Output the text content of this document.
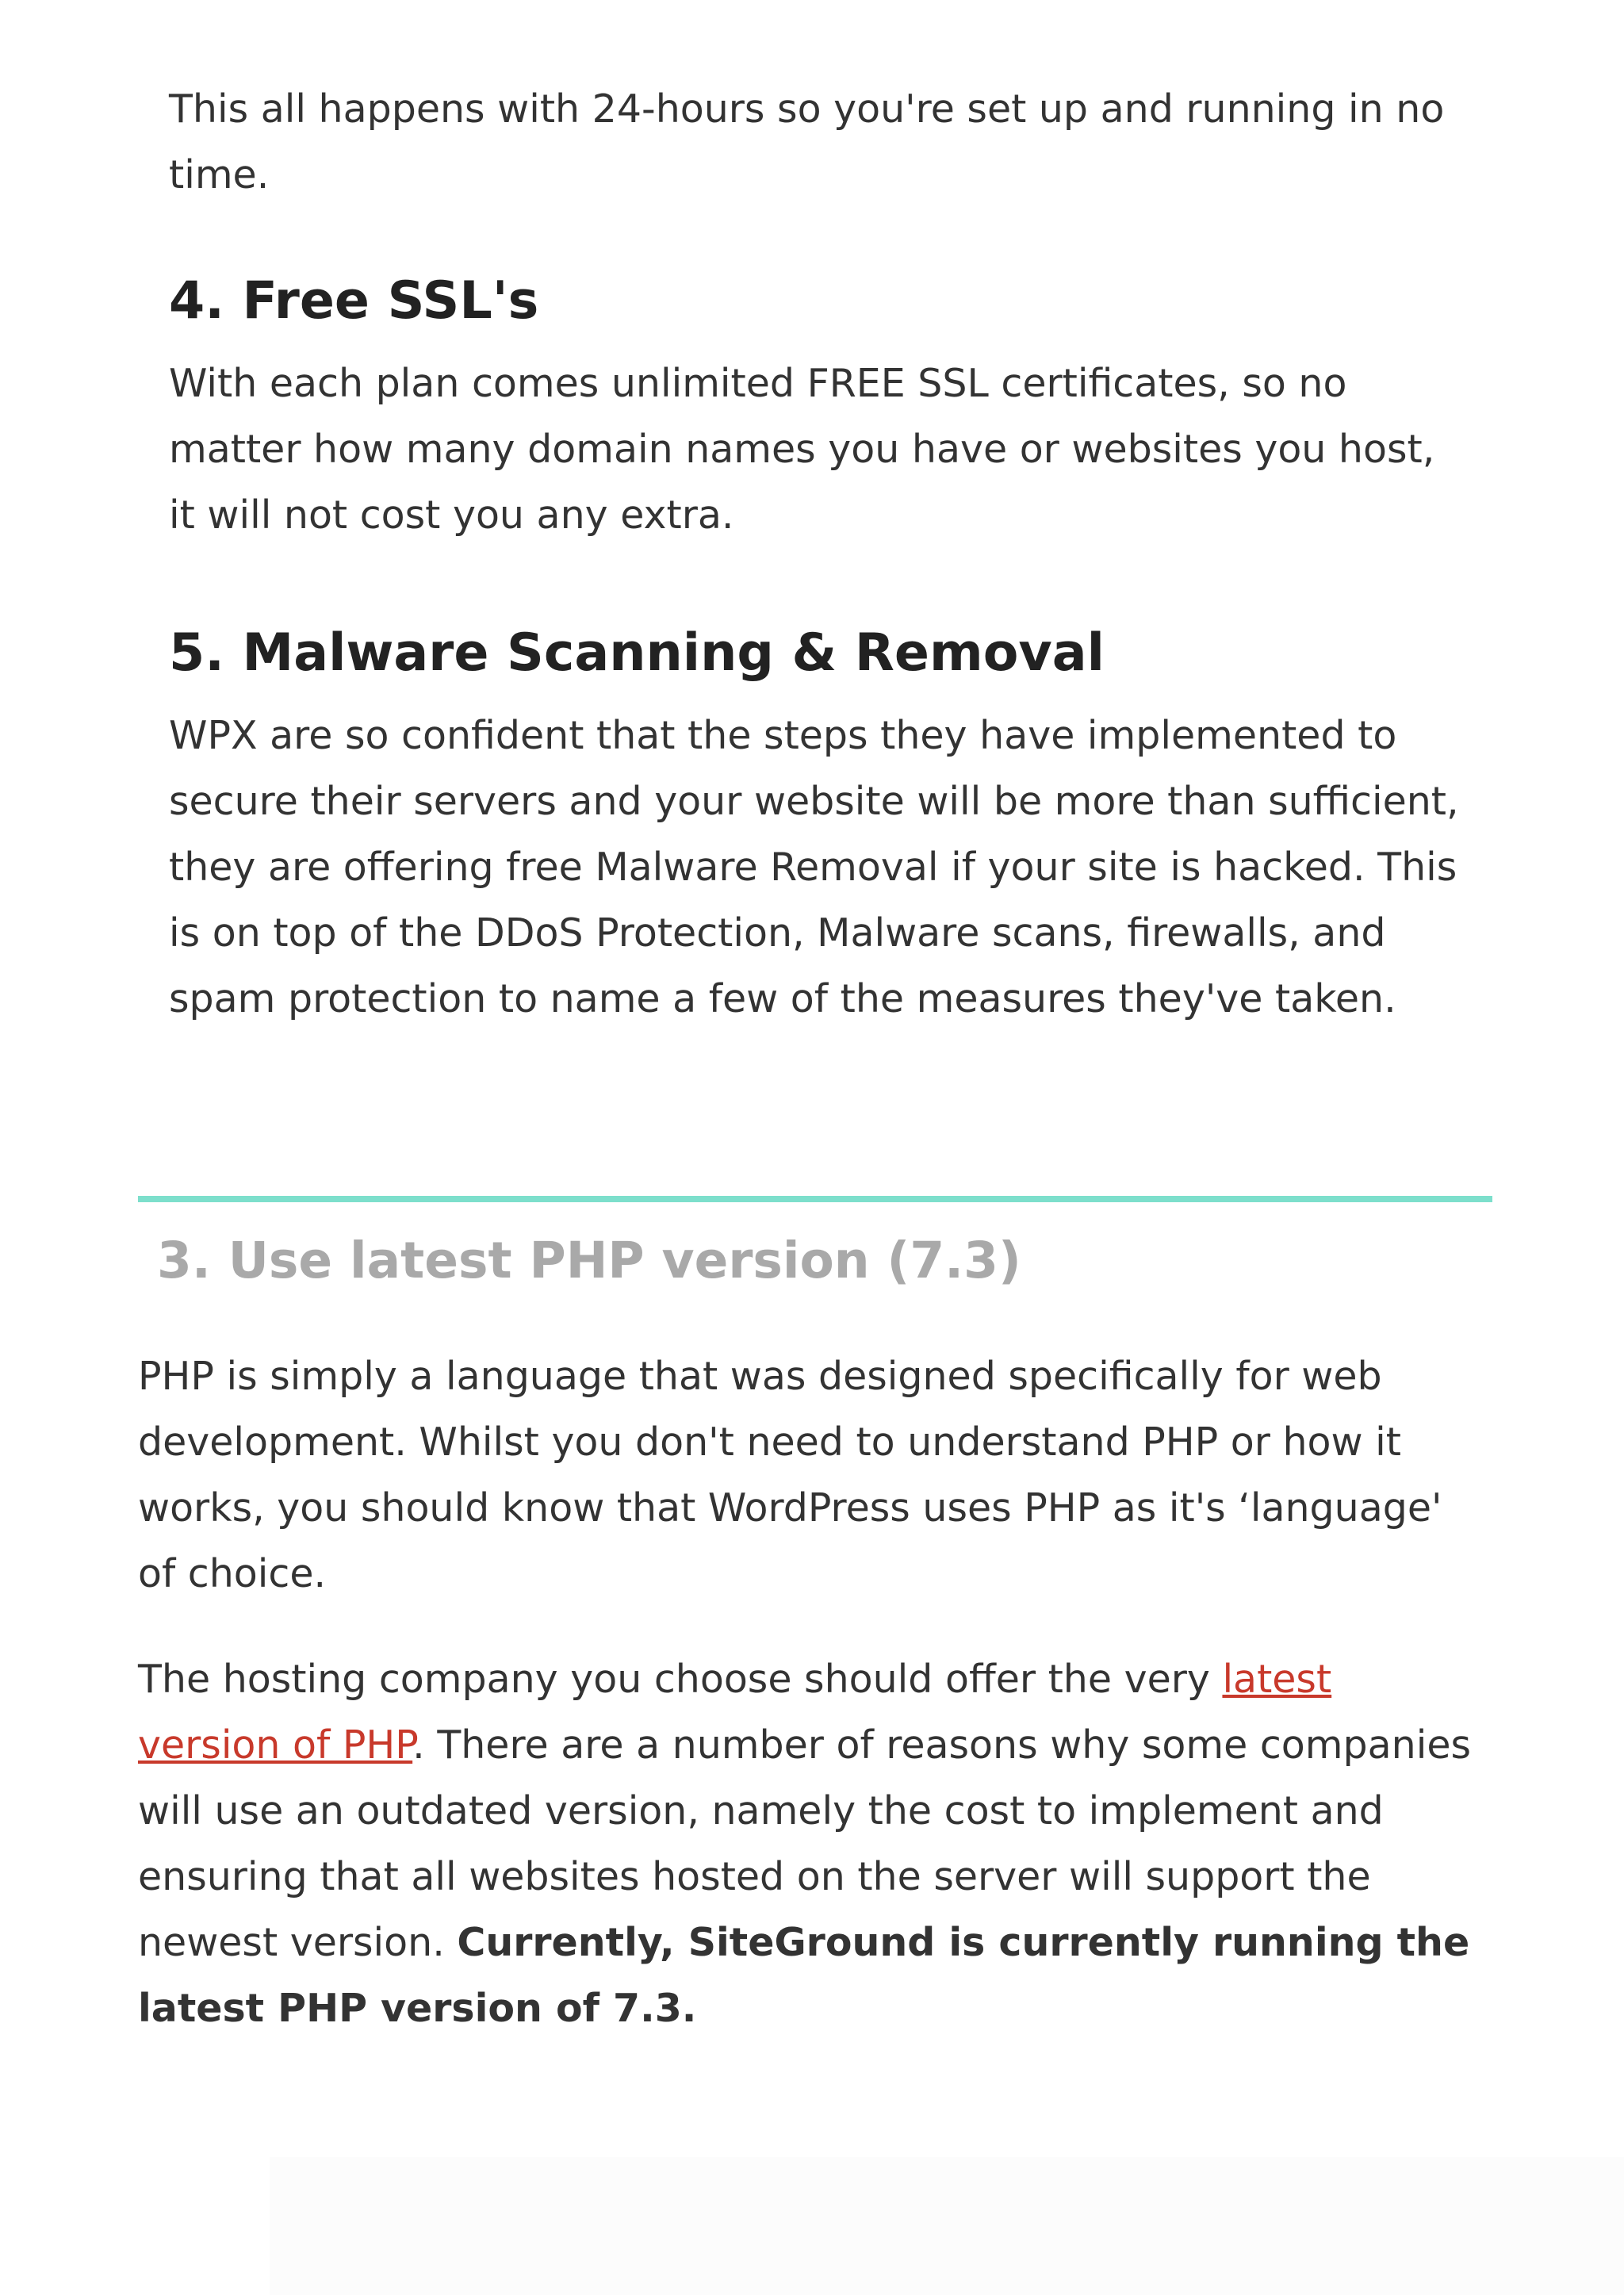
This all happens with 24-hours so you're set up and running in no time.

4. Free SSL's

With each plan comes unlimited FREE SSL certificates, so no matter how many domain names you have or websites you host, it will not cost you any extra.

5. Malware Scanning & Removal

WPX are so confident that the steps they have implemented to secure their servers and your website will be more than sufficient, they are offering free Malware Removal if your site is hacked. This is on top of the DDoS Protection, Malware scans, firewalls, and spam protection to name a few of the measures they've taken.

3. Use latest PHP version (7.3)

PHP is simply a language that was designed specifically for web development. Whilst you don't need to understand PHP or how it works, you should know that WordPress uses PHP as it's ‘language' of choice.

The hosting company you choose should offer the very latest version of PHP. There are a number of reasons why some companies will use an outdated version, namely the cost to implement and ensuring that all websites hosted on the server will support the newest version. Currently, SiteGround is currently running the latest PHP version of 7.3.
